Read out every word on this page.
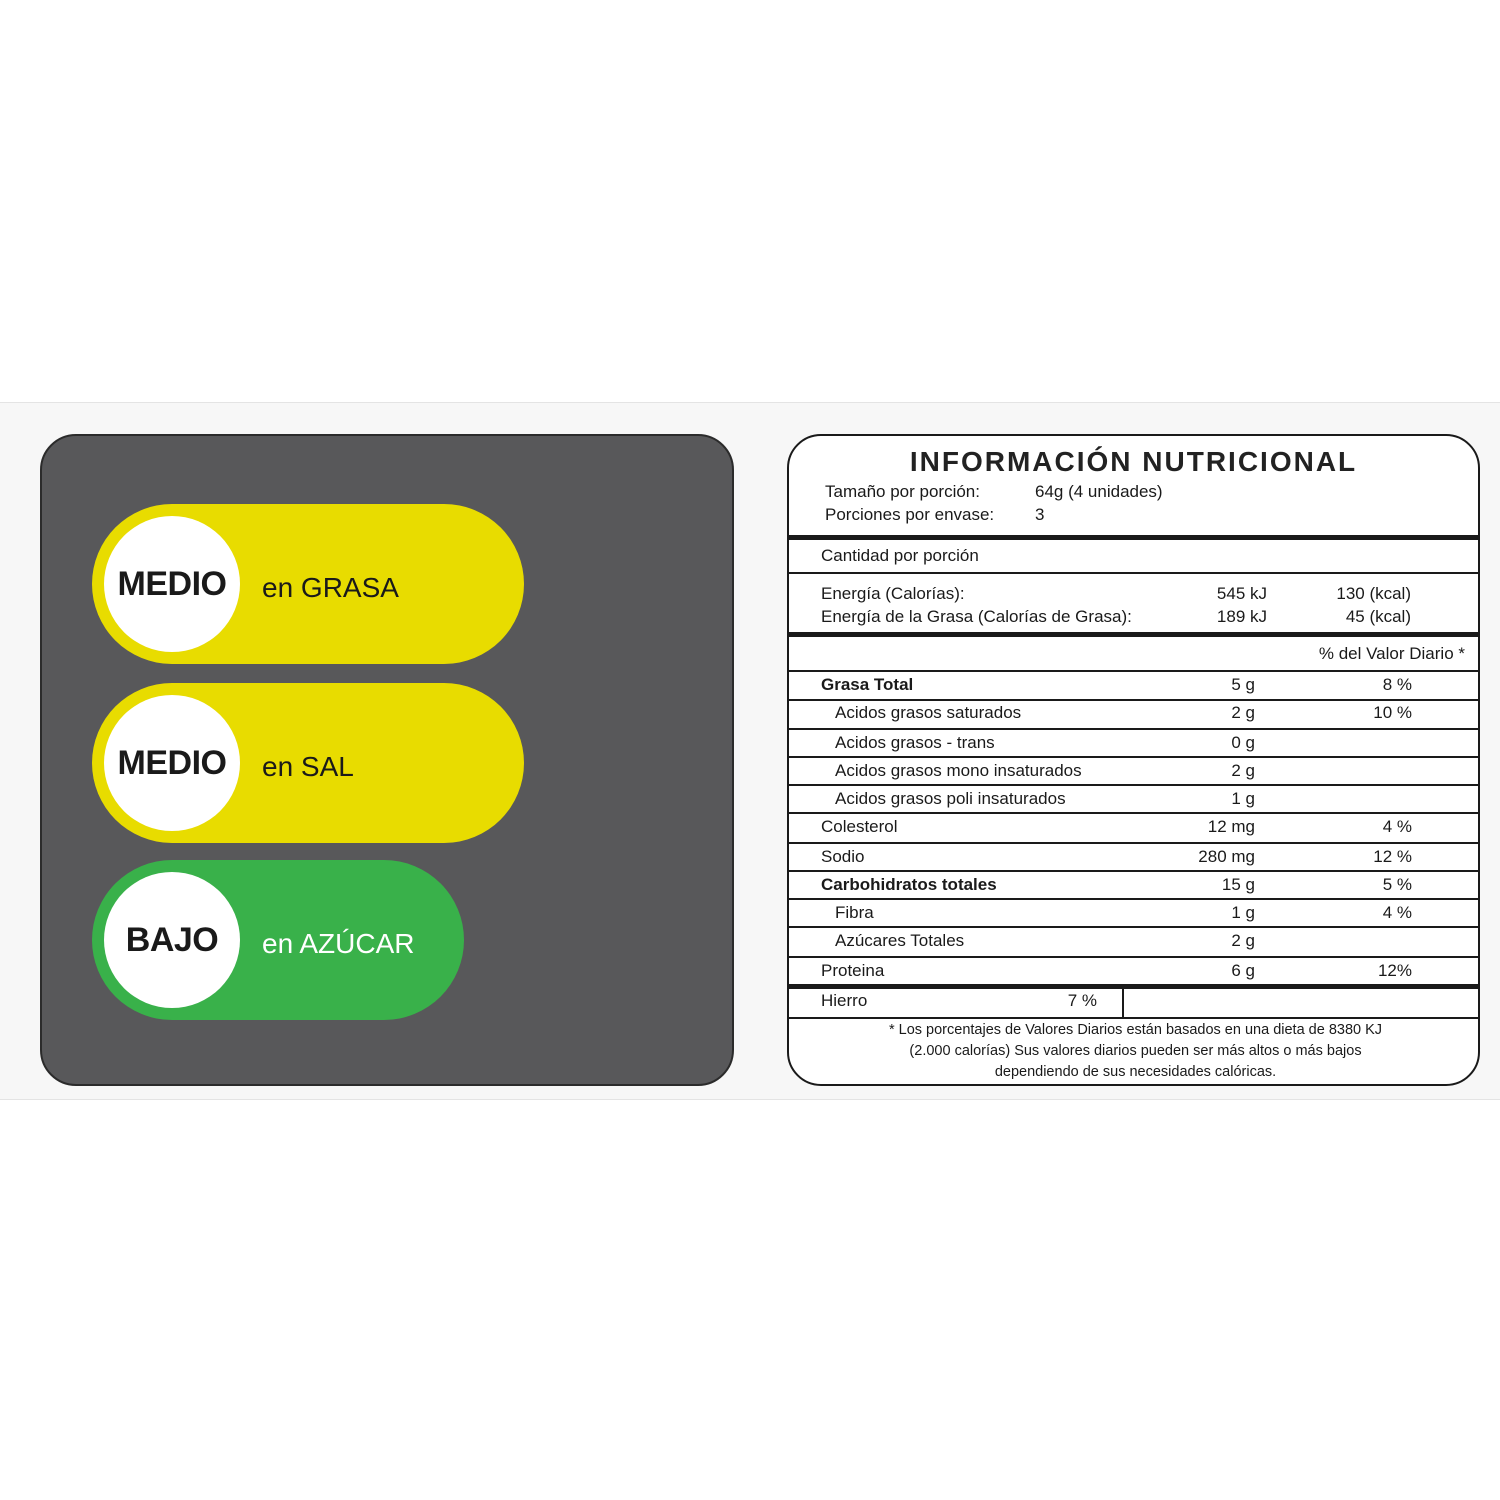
MEDIO	en GRASA
MEDIO	en SAL
BAJO	en AZÚCAR
INFORMACIÓN NUTRICIONAL
Tamaño por porción:	64g (4 unidades)
Porciones por envase: 3
Cantidad por porción
Energía (Calorías):	545 kJ	130 (kcal)
Energía de la Grasa (Calorías de Grasa):	189 kJ	45 (kcal)
% del Valor Diario *
Grasa Total	5 g	8 %
Acidos grasos saturados	2 g	10 %
Acidos grasos - trans	0 g
Acidos grasos mono insaturados	2 g
Acidos grasos poli insaturados	1 g
Colesterol	12 mg	4 %
Sodio	280 mg	12 %
Carbohidratos totales	15 g	5 %
Fibra	1 g	4 %
Azúcares Totales	2 g
Proteina	6 g	12%
Hierro	7 %
* Los porcentajes de Valores Diarios están basados en una dieta de 8380 KJ
(2.000 calorías) Sus valores diarios pueden ser más altos o más bajos
dependiendo de sus necesidades calóricas.
